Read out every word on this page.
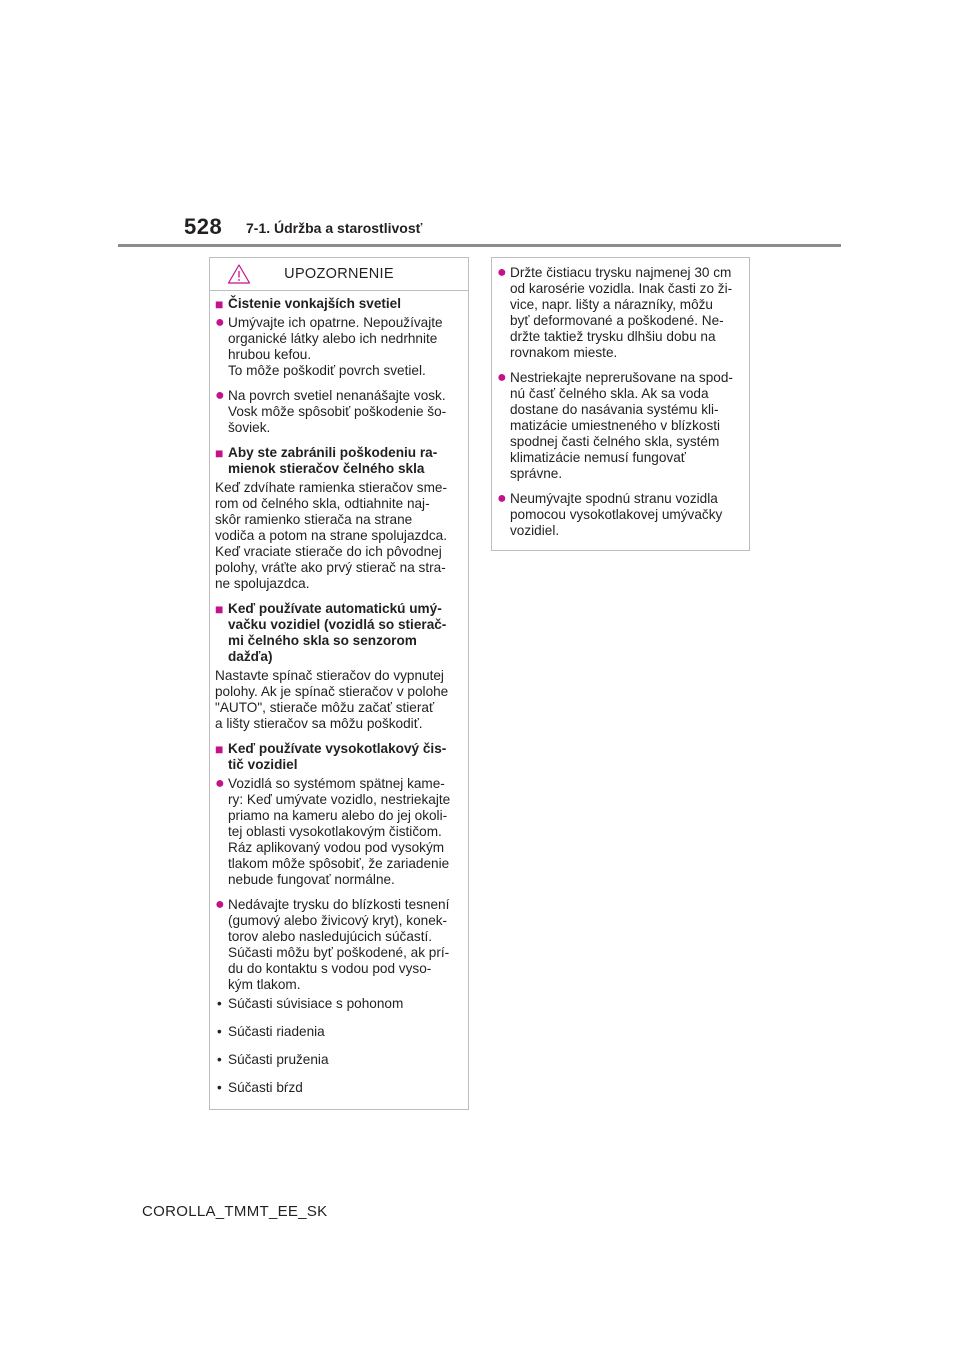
528 7-1. Údržba a starostlivosť
UPOZORNENIE
■ Čistenie vonkajších svetiel
● Umývajte ich opatrne. Nepoužívajte
organické látky alebo ich nedrhnite
hrubou kefou.
To môže poškodiť povrch svetiel.
● Na povrch svetiel nenanášajte vosk.
Vosk môže spôsobiť poškodenie šo-
šoviek.
■ Aby ste zabránili poškodeniu ra-
mienok stieračov čelného skla
Keď zdvíhate ramienka stieračov sme-
rom od čelného skla, odtiahnite naj-
skôr ramienko stierača na strane
vodiča a potom na strane spolujazdca.
Keď vraciate stierače do ich pôvodnej
polohy, vráťte ako prvý stierač na stra-
ne spolujazdca.
■ Keď používate automatickú umý-
vačku vozidiel (vozidlá so stierač-
mi čelného skla so senzorom
dažďa)
Nastavte spínač stieračov do vypnutej
polohy. Ak je spínač stieračov v polohe
"AUTO", stierače môžu začať stierať
a lišty stieračov sa môžu poškodiť.
■ Keď používate vysokotlakový čis-
tič vozidiel
● Vozidlá so systémom spätnej kame-
ry: Keď umývate vozidlo, nestriekajte
priamo na kameru alebo do jej okoli-
tej oblasti vysokotlakovým čističom.
Ráz aplikovaný vodou pod vysokým
tlakom môže spôsobiť, že zariadenie
nebude fungovať normálne.
● Nedávajte trysku do blízkosti tesnení
(gumový alebo živicový kryt), konek-
torov alebo nasledujúcich súčastí.
Súčasti môžu byť poškodené, ak prí-
du do kontaktu s vodou pod vyso-
kým tlakom.
• Súčasti súvisiace s pohonom
• Súčasti riadenia
• Súčasti pruženia
• Súčasti bŕzd
● Držte čistiacu trysku najmenej 30 cm
od karosérie vozidla. Inak časti zo ži-
vice, napr. lišty a nárazníky, môžu
byť deformované a poškodené. Ne-
držte taktiež trysku dlhšiu dobu na
rovnakom mieste.
● Nestriekajte neprerušovane na spod-
nú časť čelného skla. Ak sa voda
dostane do nasávania systému kli-
matizácie umiestneného v blízkosti
spodnej časti čelného skla, systém
klimatizácie nemusí fungovať
správne.
● Neumývajte spodnú stranu vozidla
pomocou vysokotlakovej umývačky
vozidiel.
COROLLA_TMMT_EE_SK
